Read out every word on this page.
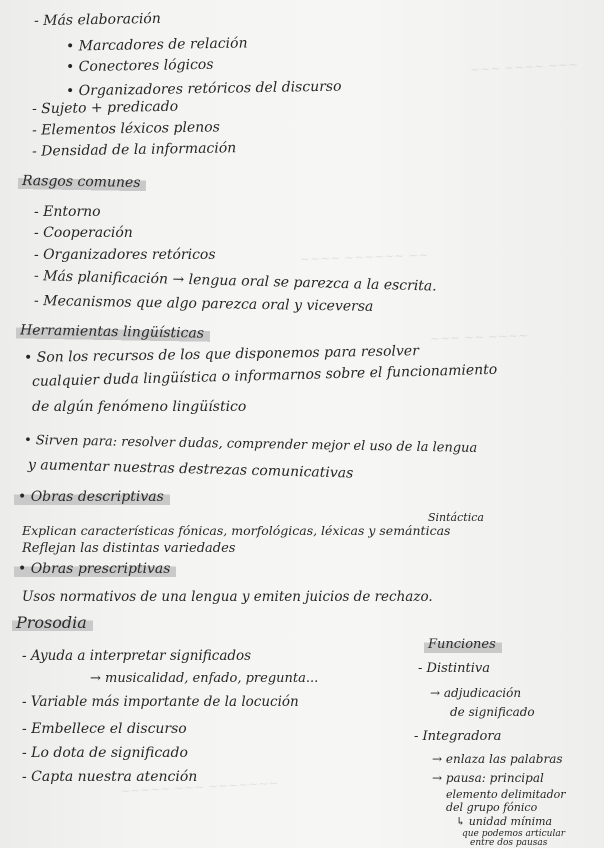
~~~ ~~~~ ~~~
~~~~ ~~~~~~ ~~
~~~ ~~ ~~~~
~~~~~ ~~~ ~~~~~~~
- Más elaboración
• Marcadores de relación
• Conectores lógicos
• Organizadores retóricos del discurso
- Sujeto + predicado
- Elementos léxicos plenos
- Densidad de la información
Rasgos comunes
- Entorno
- Cooperación
- Organizadores retóricos
- Más planificación → lengua oral se parezca a la escrita.
- Mecanismos que algo parezca oral y viceversa
Herramientas lingüísticas
• Son los recursos de los que disponemos para resolver
cualquier duda lingüística o informarnos sobre el funcionamiento
de algún fenómeno lingüístico
• Sirven para: resolver dudas, comprender mejor el uso de la lengua
y aumentar nuestras destrezas comunicativas
• Obras descriptivas
Sintáctica
Explican características fónicas, morfológicas, léxicas y semánticas
Reflejan las distintas variedades
• Obras prescriptivas
Usos normativos de una lengua y emiten juicios de rechazo.
Prosodia
- Ayuda a interpretar significados
→ musicalidad, enfado, pregunta...
- Variable más importante de la locución
- Embellece el discurso
- Lo dota de significado
- Capta nuestra atención
Funciones
- Distintiva
→ adjudicación
de significado
- Integradora
→ enlaza las palabras
→ pausa: principal
elemento delimitador
del grupo fónico
↳ unidad mínima
que podemos articular
entre dos pausas
